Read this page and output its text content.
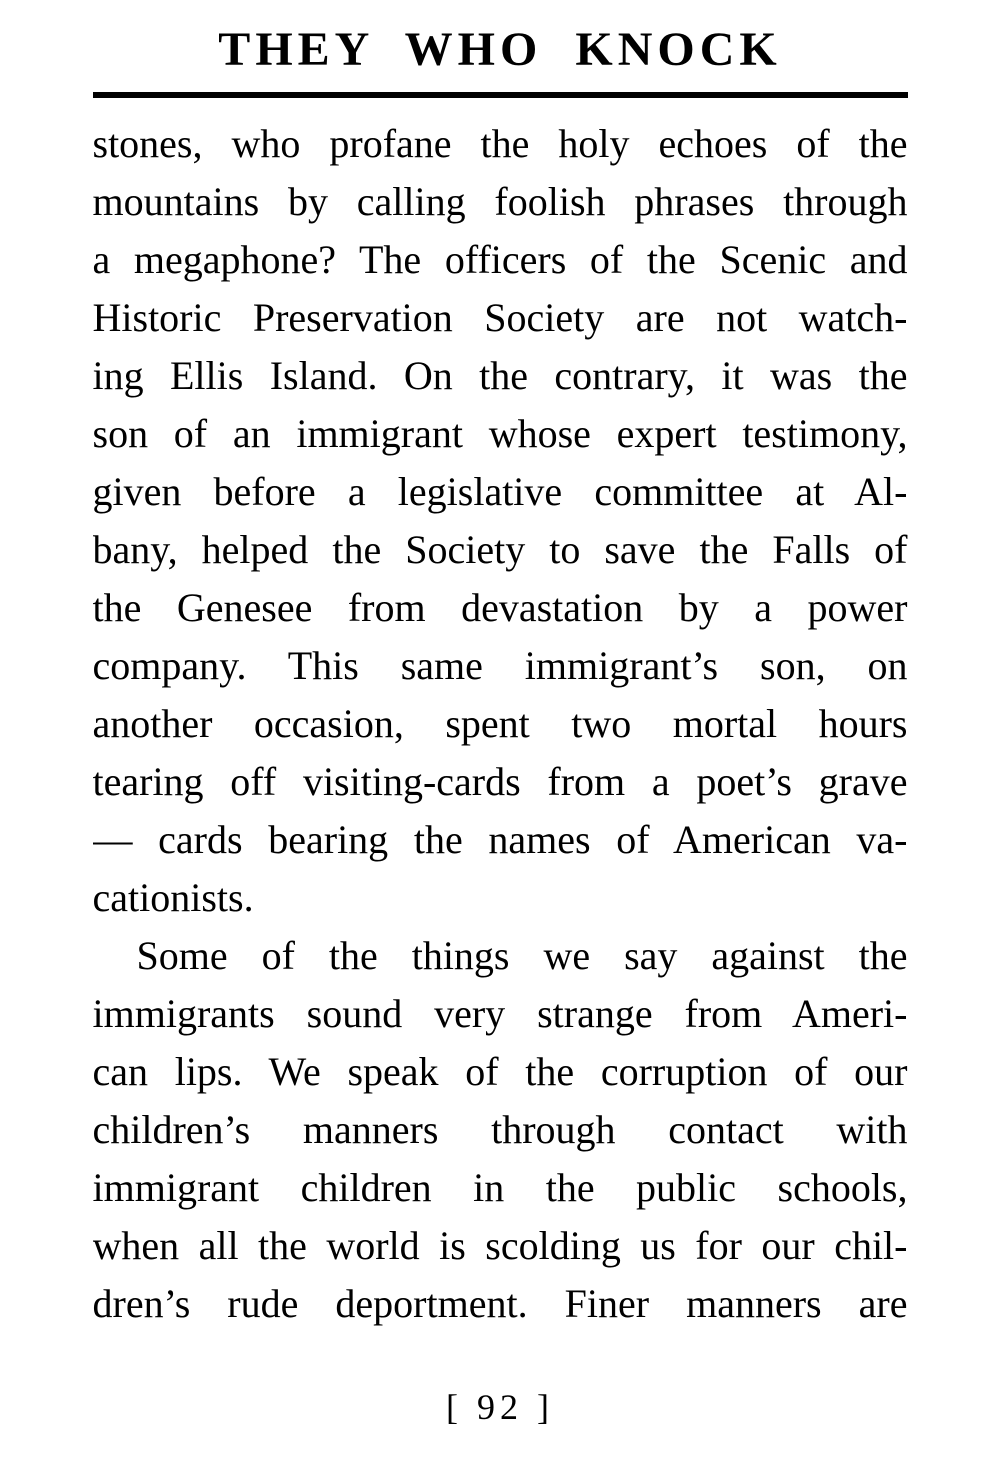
THEY WHO KNOCK
stones, who profane the holy echoes of the
mountains by calling foolish phrases through
a megaphone? The officers of the Scenic and
Historic Preservation Society are not watch-
ing Ellis Island. On the contrary, it was the
son of an immigrant whose expert testimony,
given before a legislative committee at Al-
bany, helped the Society to save the Falls of
the Genesee from devastation by a power
company. This same immigrant’s son, on
another occasion, spent two mortal hours
tearing off visiting-cards from a poet’s grave
— cards bearing the names of American va-
cationists.
Some of the things we say against the
immigrants sound very strange from Ameri-
can lips. We speak of the corruption of our
children’s manners through contact with
immigrant children in the public schools,
when all the world is scolding us for our chil-
dren’s rude deportment. Finer manners are
[ 92 ]
